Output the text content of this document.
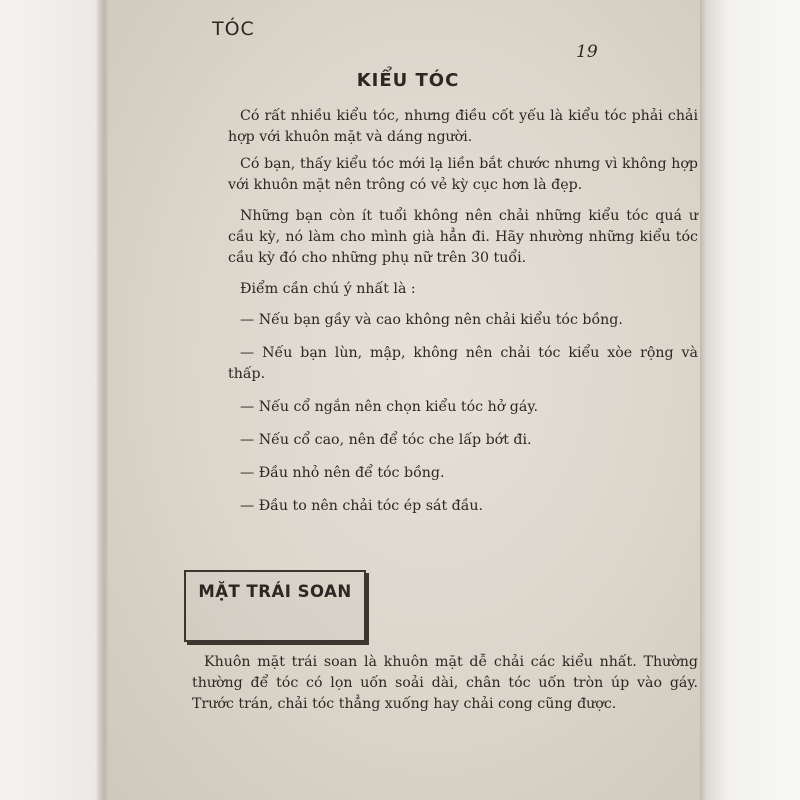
TÓC
19
KIỂU TÓC

Có rất nhiều kiểu tóc, nhưng điều cốt yếu là kiểu tóc phải chải hợp với khuôn mặt và dáng người.

Có bạn, thấy kiểu tóc mới lạ liền bắt chước nhưng vì không hợp với khuôn mặt nên trông có vẻ kỳ cục hơn là đẹp.

Những bạn còn ít tuổi không nên chải những kiểu tóc quá ư cầu kỳ, nó làm cho mình già hẳn đi. Hãy nhường những kiểu tóc cầu kỳ đó cho những phụ nữ trên 30 tuổi.

Điểm cần chú ý nhất là :

— Nếu bạn gầy và cao không nên chải kiểu tóc bồng.

— Nếu bạn lùn, mập, không nên chải tóc kiểu xòe rộng và thấp.

— Nếu cổ ngắn nên chọn kiểu tóc hở gáy.

— Nếu cổ cao, nên để tóc che lấp bớt đi.

— Đầu nhỏ nên để tóc bồng.

— Đầu to nên chải tóc ép sát đầu.

MẶT TRÁI SOAN

Khuôn mặt trái soan là khuôn mặt dễ chải các kiểu nhất. Thường thường để tóc có lọn uốn soải dài, chân tóc uốn tròn úp vào gáy. Trước trán, chải tóc thẳng xuống hay chải cong cũng được.
